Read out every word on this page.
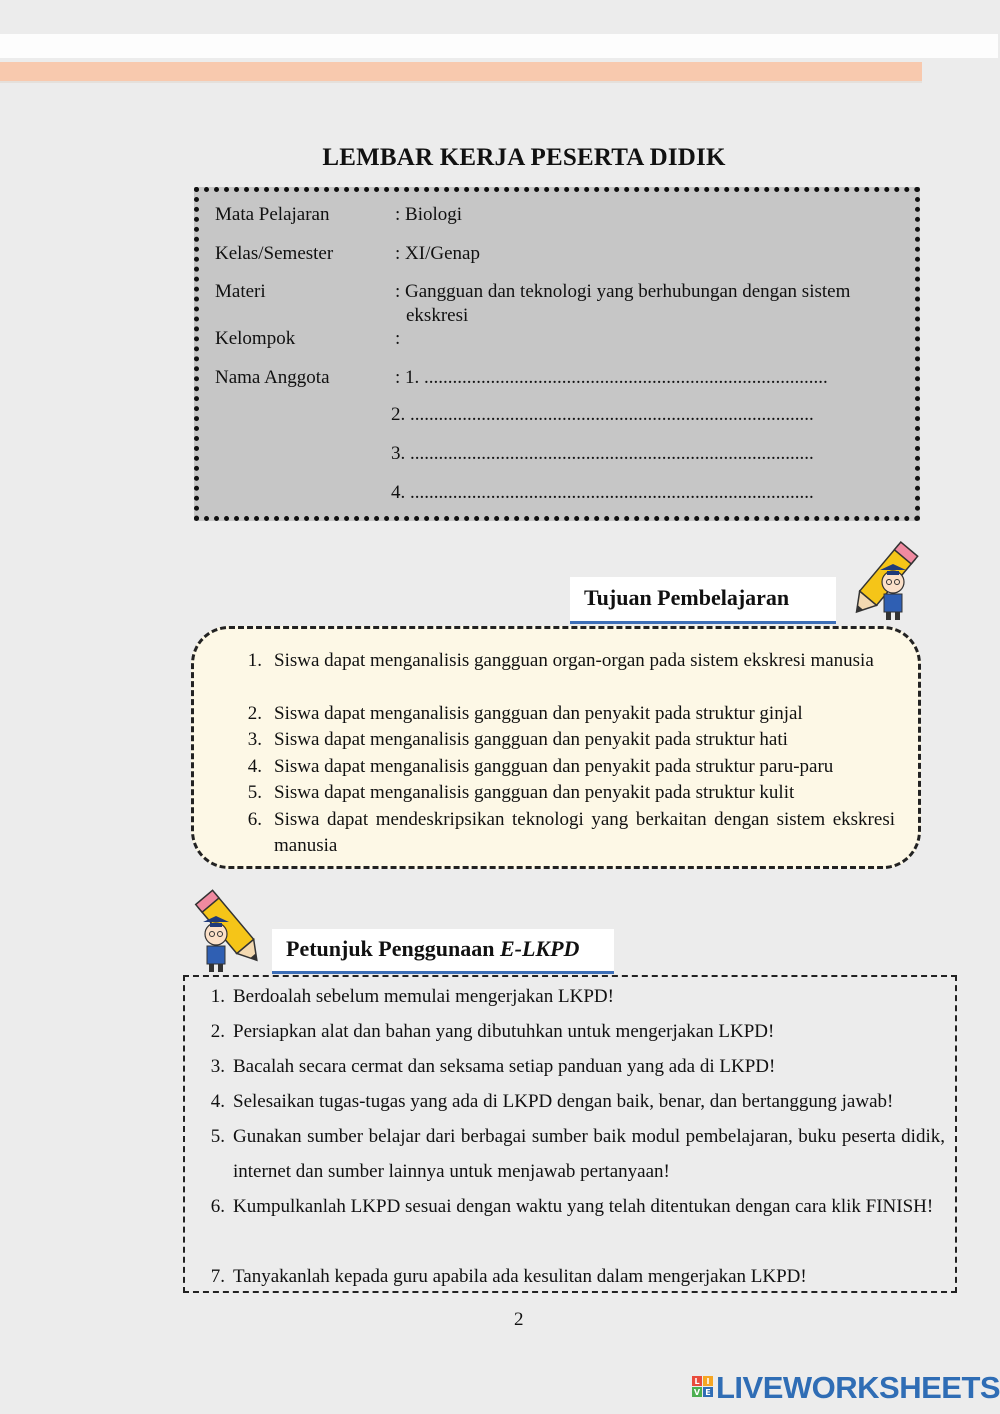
LEMBAR KERJA PESERTA DIDIK
Mata Pelajaran	: Biologi
Kelas/Semester	: XI/Genap
Materi	: Gangguan dan teknologi yang berhubungan dengan sistem
ekskresi
Kelompok	:
Nama Anggota	: 1. .....................................................................................
2. .....................................................................................
3. .....................................................................................
4. .....................................................................................
Tujuan Pembelajaran
1. Siswa dapat menganalisis gangguan organ-organ pada sistem ekskresi manusia
2. Siswa dapat menganalisis gangguan dan penyakit pada struktur ginjal
3. Siswa dapat menganalisis gangguan dan penyakit pada struktur hati
4. Siswa dapat menganalisis gangguan dan penyakit pada struktur paru-paru
5. Siswa dapat menganalisis gangguan dan penyakit pada struktur kulit
6. Siswa dapat mendeskripsikan teknologi yang berkaitan dengan sistem ekskresi manusia
Petunjuk Penggunaan E-LKPD
1. Berdoalah sebelum memulai mengerjakan LKPD!
2. Persiapkan alat dan bahan yang dibutuhkan untuk mengerjakan LKPD!
3. Bacalah secara cermat dan seksama setiap panduan yang ada di LKPD!
4. Selesaikan tugas-tugas yang ada di LKPD dengan baik, benar, dan bertanggung jawab!
5. Gunakan sumber belajar dari berbagai sumber baik modul pembelajaran, buku peserta didik, internet dan sumber lainnya untuk menjawab pertanyaan!
6. Kumpulkanlah LKPD sesuai dengan waktu yang telah ditentukan dengan cara klik FINISH!
7. Tanyakanlah kepada guru apabila ada kesulitan dalam mengerjakan LKPD!
2
L I
V E LIVEWORKSHEETS
